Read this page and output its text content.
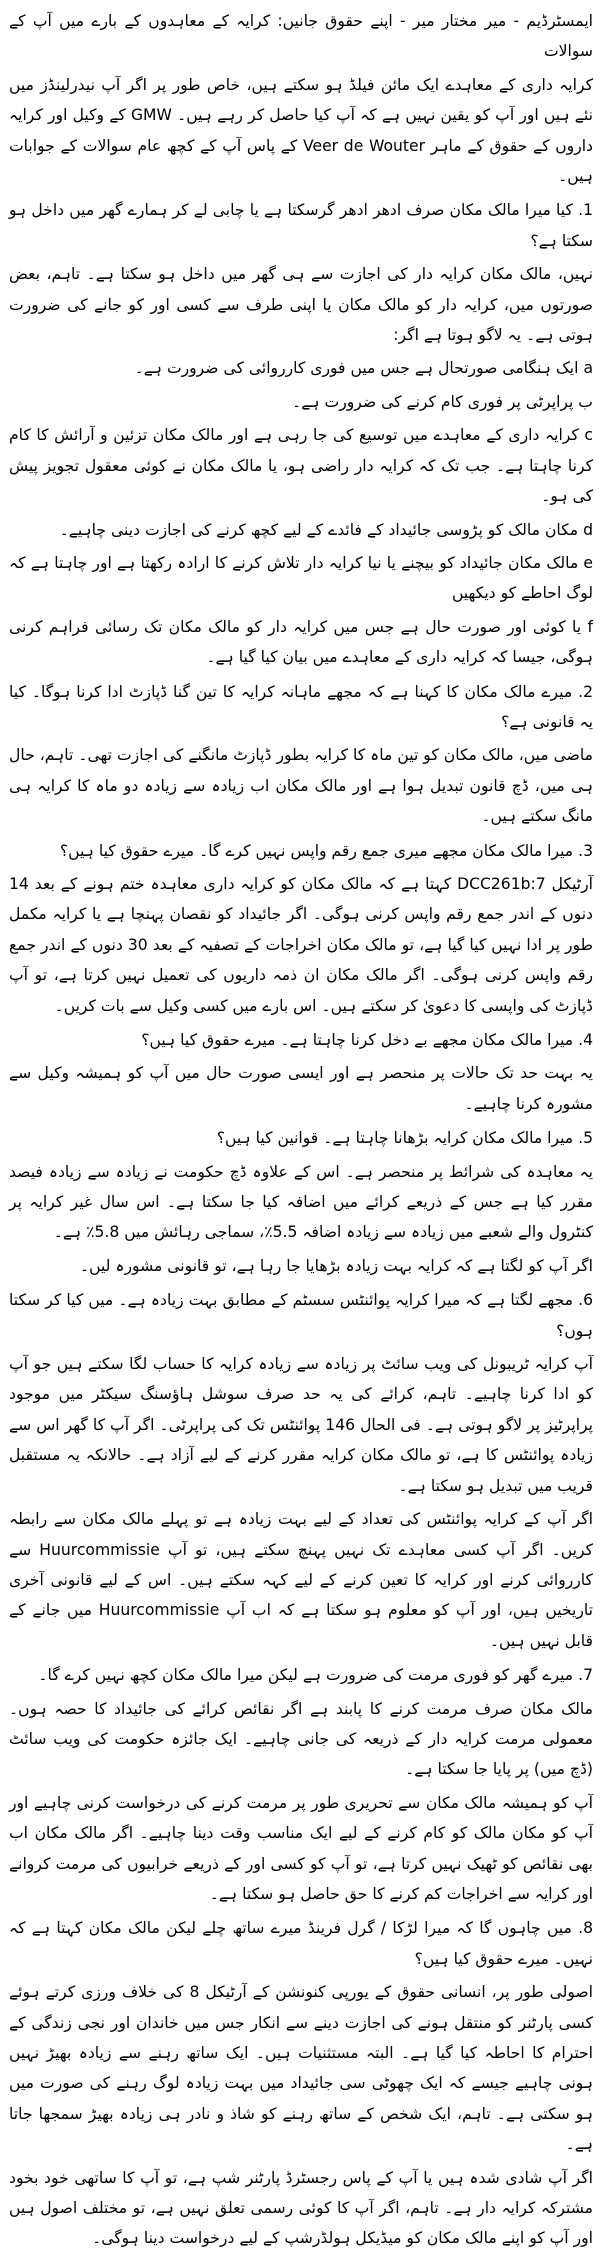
ایمسٹرڈیم - میر مختار میر - اپنے حقوق جانیں: کرایہ کے معاہدوں کے بارے میں آپ کے سوالات

کرایہ داری کے معاہدے ایک مائن فیلڈ ہو سکتے ہیں، خاص طور پر اگر آپ نیدرلینڈز میں نئے ہیں اور آپ کو یقین نہیں ہے کہ آپ کیا حاصل کر رہے ہیں۔ GMW کے وکیل اور کرایہ داروں کے حقوق کے ماہر Veer de Wouter کے پاس آپ کے کچھ عام سوالات کے جوابات ہیں۔

1. کیا میرا مالک مکان صرف ادھر ادھر گرسکتا ہے یا چابی لے کر ہمارے گھر میں داخل ہو سکتا ہے؟

نہیں، مالک مکان کرایہ دار کی اجازت سے ہی گھر میں داخل ہو سکتا ہے۔ تاہم، بعض صورتوں میں، کرایہ دار کو مالک مکان یا اپنی طرف سے کسی اور کو جانے کی ضرورت ہوتی ہے۔ یہ لاگو ہوتا ہے اگر:

a ایک ہنگامی صورتحال ہے جس میں فوری کارروائی کی ضرورت ہے۔

ب پراپرٹی پر فوری کام کرنے کی ضرورت ہے۔

c کرایہ داری کے معاہدے میں توسیع کی جا رہی ہے اور مالک مکان تزئین و آرائش کا کام کرنا چاہتا ہے۔ جب تک کہ کرایہ دار راضی ہو، یا مالک مکان نے کوئی معقول تجویز پیش کی ہو۔

d مکان مالک کو پڑوسی جائیداد کے فائدے کے لیے کچھ کرنے کی اجازت دینی چاہیے۔

e مالک مکان جائیداد کو بیچنے یا نیا کرایہ دار تلاش کرنے کا ارادہ رکھتا ہے اور چاہتا ہے کہ لوگ احاطے کو دیکھیں

f یا کوئی اور صورت حال ہے جس میں کرایہ دار کو مالک مکان تک رسائی فراہم کرنی ہوگی، جیسا کہ کرایہ داری کے معاہدے میں بیان کیا گیا ہے۔

2. میرے مالک مکان کا کہنا ہے کہ مجھے ماہانہ کرایہ کا تین گنا ڈپازٹ ادا کرنا ہوگا۔ کیا یہ قانونی ہے؟

ماضی میں، مالک مکان کو تین ماہ کا کرایہ بطور ڈپازٹ مانگنے کی اجازت تھی۔ تاہم، حال ہی میں، ڈچ قانون تبدیل ہوا ہے اور مالک مکان اب زیادہ سے زیادہ دو ماہ کا کرایہ ہی مانگ سکتے ہیں۔

3. میرا مالک مکان مجھے میری جمع رقم واپس نہیں کرے گا۔ میرے حقوق کیا ہیں؟

آرٹیکل DCC261b:7 کہتا ہے کہ مالک مکان کو کرایہ داری معاہدہ ختم ہونے کے بعد 14 دنوں کے اندر جمع رقم واپس کرنی ہوگی۔ اگر جائیداد کو نقصان پہنچا ہے یا کرایہ مکمل طور پر ادا نہیں کیا گیا ہے، تو مالک مکان اخراجات کے تصفیہ کے بعد 30 دنوں کے اندر جمع رقم واپس کرنی ہوگی۔ اگر مالک مکان ان ذمہ داریوں کی تعمیل نہیں کرتا ہے، تو آپ ڈپازٹ کی واپسی کا دعویٰ کر سکتے ہیں۔ اس بارے میں کسی وکیل سے بات کریں۔

4. میرا مالک مکان مجھے بے دخل کرنا چاہتا ہے۔ میرے حقوق کیا ہیں؟

یہ بہت حد تک حالات پر منحصر ہے اور ایسی صورت حال میں آپ کو ہمیشہ وکیل سے مشورہ کرنا چاہیے۔

5. میرا مالک مکان کرایہ بڑھانا چاہتا ہے۔ قوانین کیا ہیں؟

یہ معاہدہ کی شرائط پر منحصر ہے۔ اس کے علاوہ ڈچ حکومت نے زیادہ سے زیادہ فیصد مقرر کیا ہے جس کے ذریعے کرائے میں اضافہ کیا جا سکتا ہے۔ اس سال غیر کرایہ پر کنٹرول والے شعبے میں زیادہ سے زیادہ اضافہ 5.5٪، سماجی رہائش میں 5.8٪ ہے۔

اگر آپ کو لگتا ہے کہ کرایہ بہت زیادہ بڑھایا جا رہا ہے، تو قانونی مشورہ لیں۔

6. مجھے لگتا ہے کہ میرا کرایہ پوائنٹس سسٹم کے مطابق بہت زیادہ ہے۔ میں کیا کر سکتا ہوں؟

آپ کرایہ ٹریبونل کی ویب سائٹ پر زیادہ سے زیادہ کرایہ کا حساب لگا سکتے ہیں جو آپ کو ادا کرنا چاہیے۔ تاہم، کرائے کی یہ حد صرف سوشل ہاؤسنگ سیکٹر میں موجود پراپرٹیز پر لاگو ہوتی ہے۔ فی الحال 146 پوائنٹس تک کی پراپرٹی۔ اگر آپ کا گھر اس سے زیادہ پوائنٹس کا ہے، تو مالک مکان کرایہ مقرر کرنے کے لیے آزاد ہے۔ حالانکہ یہ مستقبل قریب میں تبدیل ہو سکتا ہے۔

اگر آپ کے کرایہ پوائنٹس کی تعداد کے لیے بہت زیادہ ہے تو پہلے مالک مکان سے رابطہ کریں۔ اگر آپ کسی معاہدے تک نہیں پہنچ سکتے ہیں، تو آپ Huurcommissie سے کارروائی کرنے اور کرایہ کا تعین کرنے کے لیے کہہ سکتے ہیں۔ اس کے لیے قانونی آخری تاریخیں ہیں، اور آپ کو معلوم ہو سکتا ہے کہ اب آپ Huurcommissie میں جانے کے قابل نہیں ہیں۔

7. میرے گھر کو فوری مرمت کی ضرورت ہے لیکن میرا مالک مکان کچھ نہیں کرے گا۔

مالک مکان صرف مرمت کرنے کا پابند ہے اگر نقائص کرائے کی جائیداد کا حصہ ہوں۔ معمولی مرمت کرایہ دار کے ذریعہ کی جانی چاہیے۔ ایک جائزہ حکومت کی ویب سائٹ (ڈچ میں) پر پایا جا سکتا ہے۔

آپ کو ہمیشہ مالک مکان سے تحریری طور پر مرمت کرنے کی درخواست کرنی چاہیے اور آپ کو مکان مالک کو کام کرنے کے لیے ایک مناسب وقت دینا چاہیے۔ اگر مالک مکان اب بھی نقائص کو ٹھیک نہیں کرتا ہے، تو آپ کو کسی اور کے ذریعے خرابیوں کی مرمت کروانے اور کرایہ سے اخراجات کم کرنے کا حق حاصل ہو سکتا ہے۔

8. میں چاہوں گا کہ میرا لڑکا / گرل فرینڈ میرے ساتھ چلے لیکن مالک مکان کہتا ہے کہ نہیں۔ میرے حقوق کیا ہیں؟

اصولی طور پر، انسانی حقوق کے یورپی کنونشن کے آرٹیکل 8 کی خلاف ورزی کرتے ہوئے کسی پارٹنر کو منتقل ہونے کی اجازت دینے سے انکار جس میں خاندان اور نجی زندگی کے احترام کا احاطہ کیا گیا ہے۔ البتہ مستثنیات ہیں۔ ایک ساتھ رہنے سے زیادہ بھیڑ نہیں ہونی چاہیے جیسے کہ ایک چھوٹی سی جائیداد میں بہت زیادہ لوگ رہنے کی صورت میں ہو سکتی ہے۔ تاہم، ایک شخص کے ساتھ رہنے کو شاذ و نادر ہی زیادہ بھیڑ سمجھا جاتا ہے۔

اگر آپ شادی شدہ ہیں یا آپ کے پاس رجسٹرڈ پارٹنر شپ ہے، تو آپ کا ساتھی خود بخود مشترکہ کرایہ دار ہے۔ تاہم، اگر آپ کا کوئی رسمی تعلق نہیں ہے، تو مختلف اصول ہیں اور آپ کو اپنے مالک مکان کو میڈیکل ہولڈرشپ کے لیے درخواست دینا ہوگی۔
